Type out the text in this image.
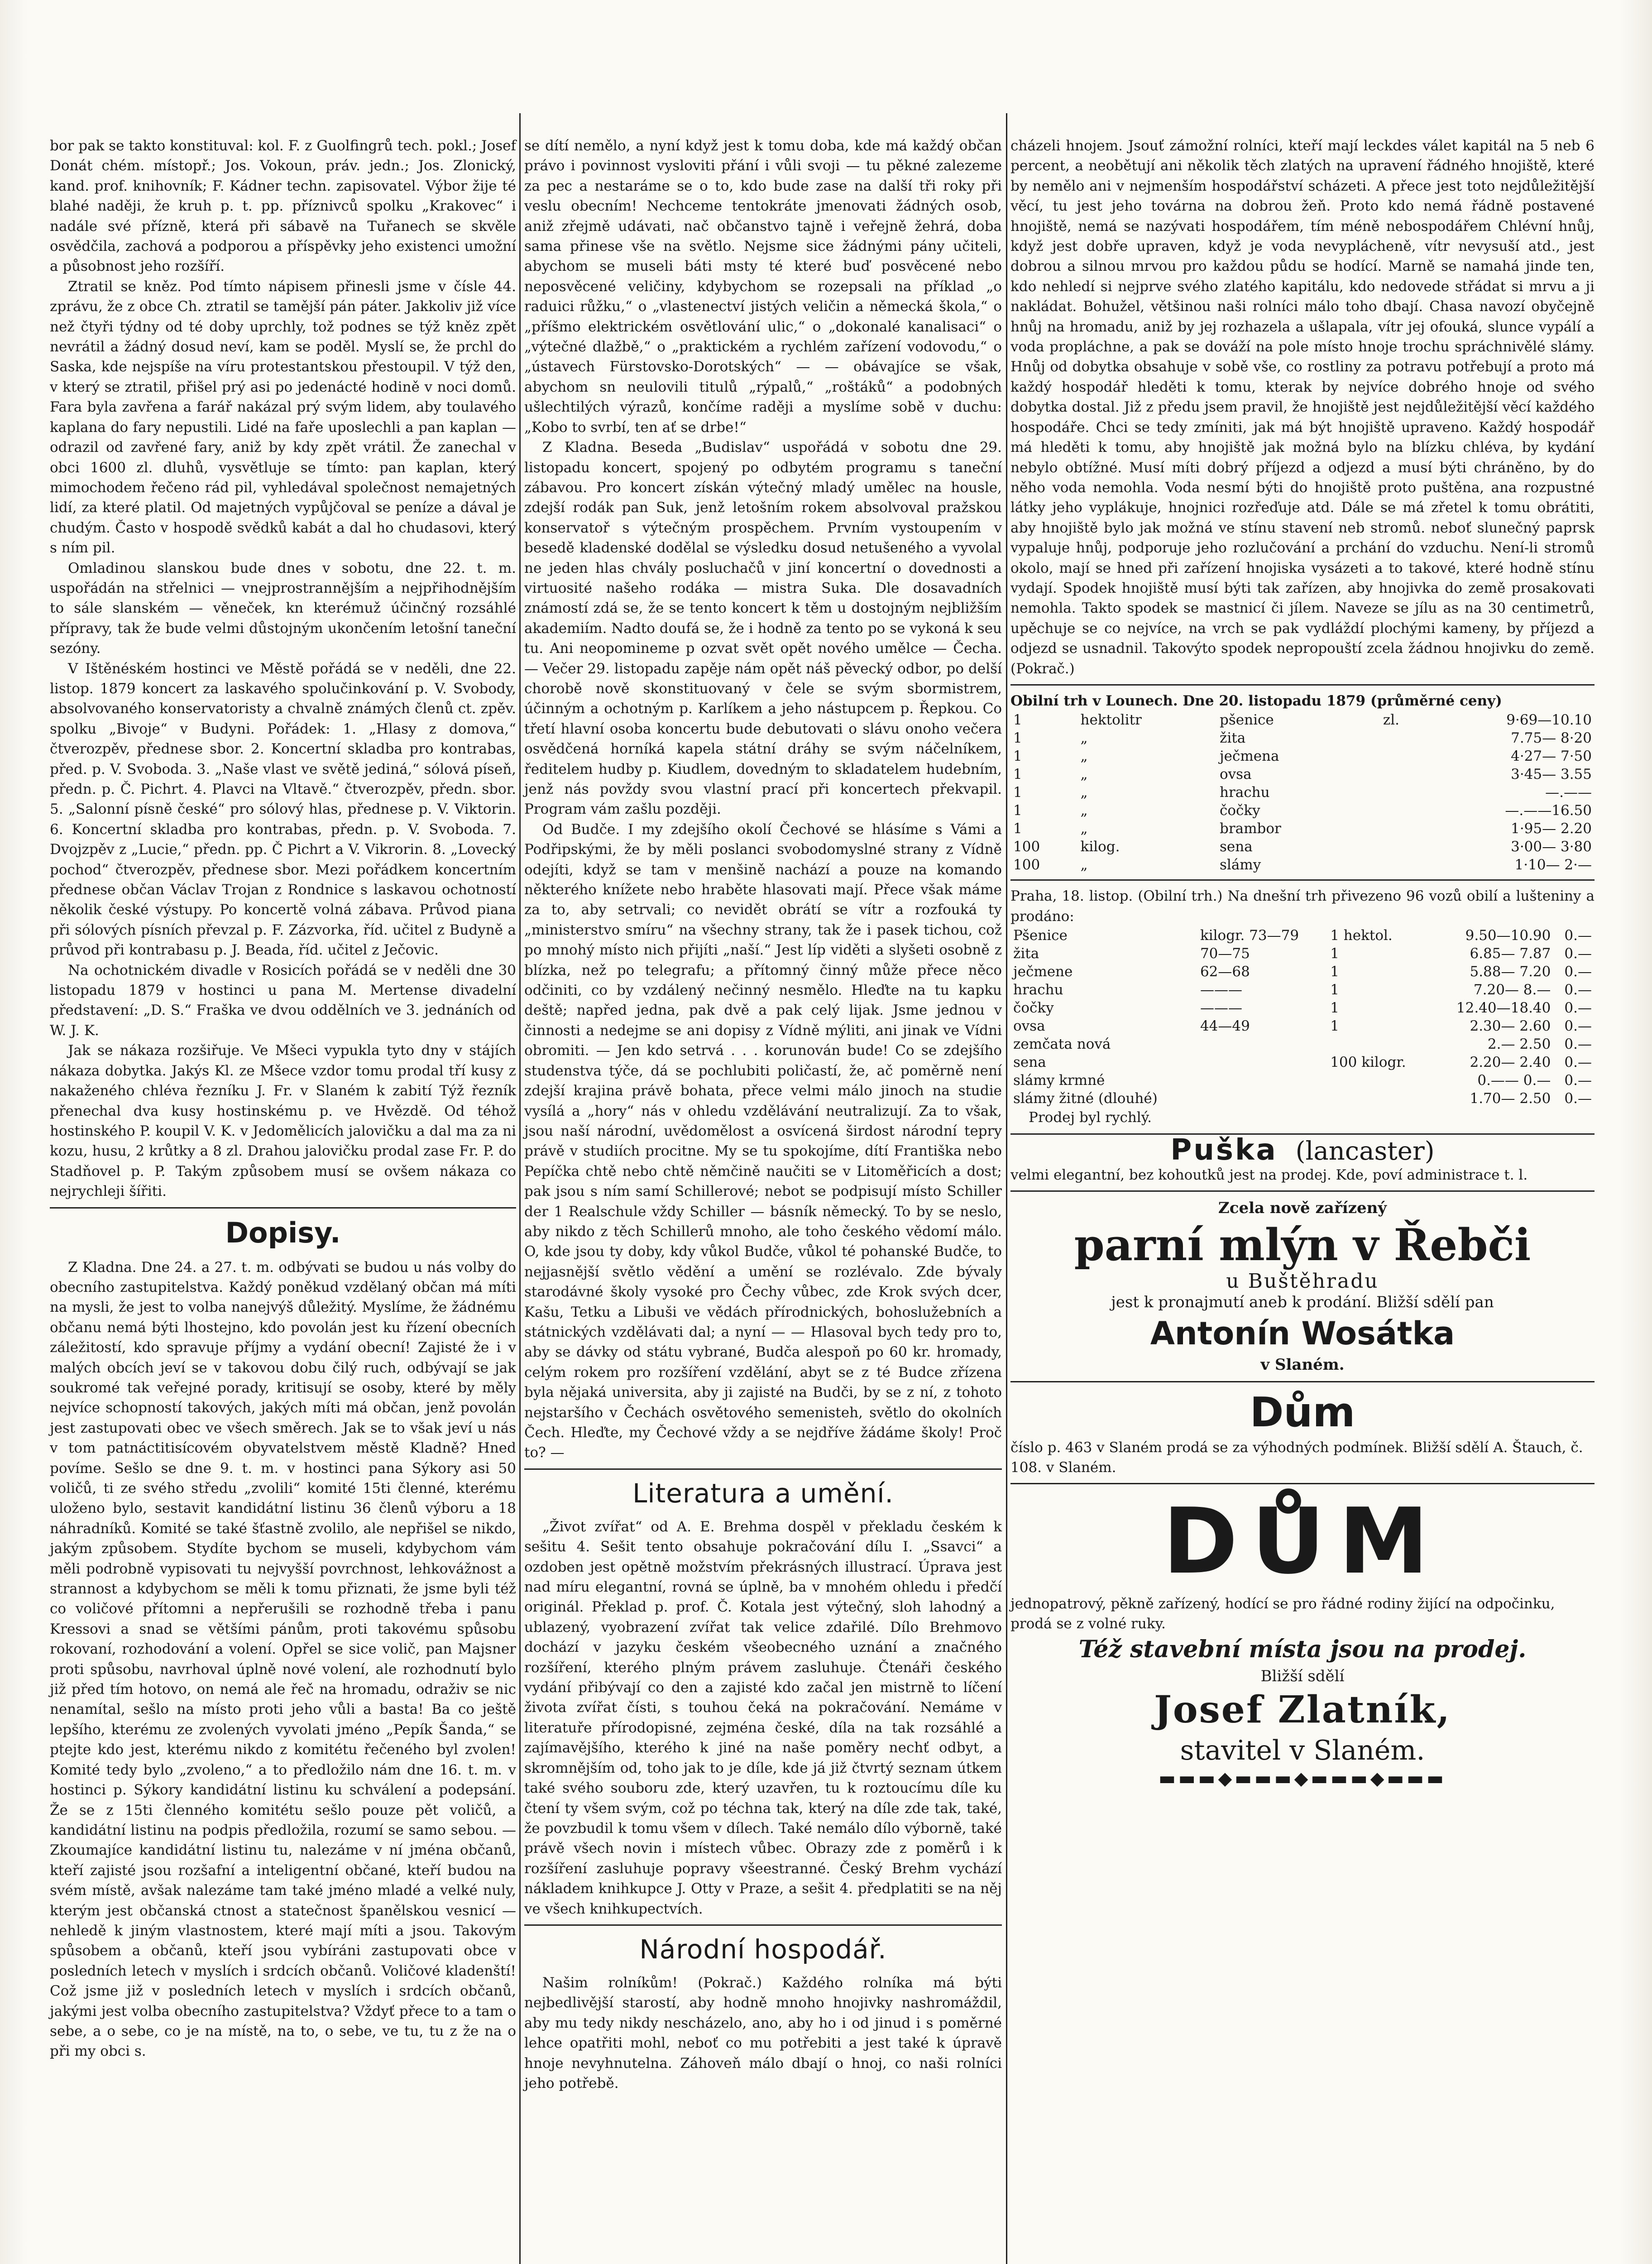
bor pak se takto konstituval: kol. F. z Guolfingrů tech. pokl.; Josef Donát chém. místopř.; Jos. Vokoun, práv. jedn.; Jos. Zlonický, kand. prof. knihovník; F. Kádner techn. zapisovatel. Výbor žije té blahé naději, že kruh p. t. pp. příznivců spolku „Krakovec“ i nadále své přízně, která při sábavě na Tuřanech se skvěle osvědčila, zachová a podporou a příspěvky jeho existenci umožní a působnost jeho rozšíří.

Ztratil se kněz. Pod tímto nápisem přinesli jsme v čísle 44. zprávu, že z obce Ch. ztratil se tamější pán páter. Jakkoliv již více než čtyři týdny od té doby uprchly, tož podnes se týž kněz zpět nevrátil a žádný dosud neví, kam se poděl. Myslí se, že prchl do Saska, kde nejspíše na víru protestantskou přestoupil. V týž den, v který se ztratil, přišel prý asi po jedenácté hodině v noci domů. Fara byla zavřena a farář nakázal prý svým lidem, aby toulavého kaplana do fary nepustili. Lidé na faře uposlechli a pan kaplan — odrazil od zavřené fary, aniž by kdy zpět vrátil. Že zanechal v obci 1600 zl. dluhů, vysvětluje se tímto: pan kaplan, který mimochodem řečeno rád pil, vyhledával společnost nemajetných lidí, za které platil. Od majetných vypůjčoval se peníze a dával je chudým. Často v hospodě svědků kabát a dal ho chudasovi, který s ním pil.

Omladinou slanskou bude dnes v sobotu, dne 22. t. m. uspořádán na střelnici — vnejprostrannějším a nejpřihodnějším to sále slanském — věneček, kn kterémuž účinčný rozsáhlé přípravy, tak že bude velmi důstojným ukončením letošní taneční sezóny.

V Ištěnéském hostinci ve Městě pořádá se v neděli, dne 22. listop. 1879 koncert za laskavého spolučinkování p. V. Svobody, absolvovaného konservatoristy a chvalně známých členů ct. zpěv. spolku „Bivoje“ v Budyni. Pořádek: 1. „Hlasy z domova,“ čtverozpěv, přednese sbor. 2. Koncertní skladba pro kontrabas, před. p. V. Svoboda. 3. „Naše vlast ve světě jediná,“ sólová píseň, předn. p. Č. Pichrt. 4. Plavci na Vltavě.“ čtverozpěv, předn. sbor. 5. „Salonní písně české“ pro sólový hlas, přednese p. V. Viktorin. 6. Koncertní skladba pro kontrabas, předn. p. V. Svoboda. 7. Dvojzpěv z „Lucie,“ předn. pp. Č Pichrt a V. Vikrorin. 8. „Lovecký pochod“ čtverozpěv, přednese sbor. Mezi pořádkem koncertním přednese občan Václav Trojan z Rondnice s laskavou ochotností několik české výstupy. Po koncertě volná zábava. Průvod piana při sólových písních převzal p. F. Zázvorka, říd. učitel z Budyně a průvod při kontrabasu p. J. Beada, říd. učitel z Ječovic.

Na ochotnickém divadle v Rosicích pořádá se v neděli dne 30 listopadu 1879 v hostinci u pana M. Mertense divadelní představení: „D. S.“ Fraška ve dvou oddělních ve 3. jednáních od W. J. K.

Jak se nákaza rozšiřuje. Ve Mšeci vypukla tyto dny v stájích nákaza dobytka. Jakýs Kl. ze Mšece vzdor tomu prodal tří kusy z nakaženého chléva řezníku J. Fr. v Slaném k zabití Týž řezník přenechal dva kusy hostinskému p. ve Hvězdě. Od téhož hostinského P. koupil V. K. v Jedomělicích jalovičku a dal ma za ni kozu, husu, 2 krůtky a 8 zl. Drahou jalovičku prodal zase Fr. P. do Stadňovel p. P. Takým způsobem musí se ovšem nákaza co nejrychleji šířiti.

Dopisy.

Z Kladna. Dne 24. a 27. t. m. odbývati se budou u nás volby do obecního zastupitelstva. Každý poněkud vzdělaný občan má míti na mysli, že jest to volba nanejvýš důležitý. Myslíme, že žádnému občanu nemá býti lhostejno, kdo povolán jest ku řízení obecních záležitostí, kdo spravuje příjmy a vydání obecní! Zajisté že i v malých obcích jeví se v takovou dobu čilý ruch, odbývají se jak soukromé tak veřejné porady, kritisují se osoby, které by měly nejvíce schopností takových, jakých míti má občan, jenž povolán jest zastupovati obec ve všech směrech. Jak se to však jeví u nás v tom patnáctitisícovém obyvatelstvem městě Kladně? Hned povíme. Sešlo se dne 9. t. m. v hostinci pana Sýkory asi 50 voličů, ti ze svého středu „zvolili“ komité 15ti členné, kterému uloženo bylo, sestavit kandidátní listinu 36 členů výboru a 18 náhradníků. Komité se také šťastně zvolilo, ale nepřišel se nikdo, jakým způsobem. Stydíte bychom se museli, kdybychom vám měli podrobně vypisovati tu nejvyšší povrchnost, lehkovážnost a strannost a kdybychom se měli k tomu přiznati, že jsme byli též co voličové přítomni a nepřerušili se rozhodně třeba i panu Kressovi a snad se většími pánům, proti takovému spůsobu rokovaní, rozhodování a volení. Opřel se sice volič, pan Majsner proti spůsobu, navrhoval úplně nové volení, ale rozhodnutí bylo již před tím hotovo, on nemá ale řeč na hromadu, odraživ se nic nenamítal, sešlo na místo proti jeho vůli a basta! Ba co ještě lepšího, kterému ze zvolených vyvolati jméno „Pepík Šanda,“ se ptejte kdo jest, kterému nikdo z komitétu řečeného byl zvolen! Komité tedy bylo „zvoleno,“ a to předložilo nám dne 16. t. m. v hostinci p. Sýkory kandidátní listinu ku schválení a podepsání. Že se z 15ti členného komitétu sešlo pouze pět voličů, a kandidátní listinu na podpis předložila, rozumí se samo sebou. — Zkoumajíce kandidátní listinu tu, nalezáme v ní jména občanů, kteří zajisté jsou rozšafní a inteligentní občané, kteří budou na svém místě, avšak nalezáme tam také jméno mladé a velké nuly, kterým jest občanská ctnost a statečnost španělskou vesnicí — nehledě k jiným vlastnostem, které mají míti a jsou. Takovým spůsobem a občanů, kteří jsou vybíráni zastupovati obce v posledních letech v myslích i srdcích občanů. Voličové kladenští! Což jsme již v posledních letech v myslích i srdcích občanů, jakými jest volba obecního zastupitelstva? Vždyť přece to a tam o sebe, a o sebe, co je na místě, na to, o sebe, ve tu, tu z že na o při my obci s.

se dítí nemělo, a nyní když jest k tomu doba, kde má každý občan právo i povinnost vysloviti přání i vůli svoji — tu pěkné zalezeme za pec a nestaráme se o to, kdo bude zase na další tři roky při veslu obecním! Nechceme tentokráte jmenovati žádných osob, aniž zřejmě udávati, nač občanstvo tajně i veřejně žehrá, doba sama přinese vše na světlo. Nejsme sice žádnými pány učiteli, abychom se museli báti msty té které buď posvěcené nebo neposvěcené veličiny, kdybychom se rozepsali na příklad „o raduici růžku,“ o „vlastenectví jistých veličin a německá škola,“ o „příšmo elektrickém osvětlování ulic,“ o „dokonalé kanalisaci“ o „výtečné dlažbě,“ o „praktickém a rychlém zařízení vodovodu,“ o „ústavech Fürstovsko-Dorotských“ — — obávajíce se však, abychom sn neulovili titulů „rýpalů,“ „roštáků“ a podobných ušlechtilých výrazů, končíme raději a myslíme sobě v duchu: „Kobo to svrbí, ten ať se drbe!“

Z Kladna. Beseda „Budislav“ uspořádá v sobotu dne 29. listopadu koncert, spojený po odbytém programu s taneční zábavou. Pro koncert získán výtečný mladý umělec na housle, zdejší rodák pan Suk, jenž letošním rokem absolvoval pražskou konservatoř s výtečným prospěchem. Prvním vystoupením v besedě kladenské dodělal se výsledku dosud netušeného a vyvolal ne jeden hlas chvály posluchačů v jiní koncertní o dovednosti a virtuosité našeho rodáka — mistra Suka. Dle dosavadních známostí zdá se, že se tento koncert k těm u dostojným nejbližším akademiím. Nadto doufá se, že i hodně za tento po se vykoná k seu tu. Ani neopomineme p ozvat svět opět nového umělce — Čecha. — Večer 29. listopadu zapěje nám opět náš pěvecký odbor, po delší chorobě nově skonstituovaný v čele se svým sbormistrem, účinným a ochotným p. Karlíkem a jeho nástupcem p. Řepkou. Co třetí hlavní osoba koncertu bude debutovati o slávu onoho večera osvědčená horníká kapela státní dráhy se svým náčelníkem, ředitelem hudby p. Kiudlem, dovedným to skladatelem hudebním, jenž nás povždy svou vlastní prací při koncertech překvapil. Program vám zašlu později.

Od Budče. I my zdejšího okolí Čechové se hlásíme s Vámi a Podřipskými, že by měli poslanci svobodomyslné strany z Vídně odejíti, když se tam v menšině nachází a pouze na komando některého knížete nebo hraběte hlasovati mají. Přece však máme za to, aby setrvali; co nevidět obrátí se vítr a rozfouká ty „ministerstvo smíru“ na všechny strany, tak že i pasek tichou, což po mnohý místo nich přijíti „naší.“ Jest líp viděti a slyšeti osobně z blízka, než po telegrafu; a přítomný činný může přece něco odčiniti, co by vzdálený nečinný nesmělo. Hleďte na tu kapku deště; napřed jedna, pak dvě a pak celý lijak. Jsme jednou v činnosti a nedejme se ani dopisy z Vídně mýliti, ani jinak ve Vídni obromiti. — Jen kdo setrvá . . . korunován bude! Co se zdejšího studenstva týče, dá se pochlubiti poličastí, že, ač poměrně není zdejší krajina právě bohata, přece velmi málo jinoch na studie vysílá a „hory“ nás v ohledu vzdělávání neutralizují. Za to však, jsou naší národní, uvědomělost a osvícená širdost národní tepry právě v studiích procitne. My se tu spokojíme, dítí Františka nebo Pepíčka chtě nebo chtě němčině naučiti se v Litoměřicích a dost; pak jsou s ním samí Schillerové; nebot se podpisují místo Schiller der 1 Realschule vždy Schiller — básník německý. To by se neslo, aby nikdo z těch Schillerů mnoho, ale toho českého vědomí málo. O, kde jsou ty doby, kdy vůkol Budče, vůkol té pohanské Budče, to nejjasnější světlo vědění a umění se rozlévalo. Zde bývaly starodávné školy vysoké pro Čechy vůbec, zde Krok svých dcer, Kašu, Tetku a Libuši ve vědách přírodnických, bohoslužebních a státnických vzdělávati dal; a nyní — — Hlasoval bych tedy pro to, aby se dávky od státu vybrané, Budča alespoň po 60 kr. hromady, celým rokem pro rozšíření vzdělání, abyt se z té Budce zřízena byla nějaká universita, aby ji zajisté na Budči, by se z ní, z tohoto nejstaršího v Čechách osvětového semenisteh, světlo do okolních Čech. Hleďte, my Čechové vždy a se nejdříve žádáme školy! Proč to? —

Literatura a umění.

„Život zvířat“ od A. E. Brehma dospěl v překladu českém k sešitu 4. Sešit tento obsahuje pokračování dílu I. „Ssavci“ a ozdoben jest opětně možstvím překrásných illustrací. Úprava jest nad míru elegantní, rovná se úplně, ba v mnohém ohledu i předčí originál. Překlad p. prof. Č. Kotala jest výtečný, sloh lahodný a ublazený, vyobrazení zvířat tak velice zdařilé. Dílo Brehmovo dochází v jazyku českém všeobecného uznání a značného rozšíření, kterého plným právem zasluhuje. Čtenáři českého vydání přibývají co den a zajisté kdo začal jen mistrně to líčení života zvířat čísti, s touhou čeká na pokračování. Nemáme v literatuře přírodopisné, zejména české, díla na tak rozsáhlé a zajímavějšího, kterého k jiné na naše poměry nechť odbyt, a skromnějším od, toho jak to je díle, kde já již čtvrtý seznam útkem také svého souboru zde, který uzavřen, tu k roztoucímu díle ku čtení ty všem svým, což po téchna tak, který na díle zde tak, také, že povzbudil k tomu všem v dílech. Také nemálo dílo výborně, také právě všech novin i místech vůbec. Obrazy zde z poměrů i k rozšíření zasluhuje popravy všeestranné. Český Brehm vychází nákladem knihkupce J. Otty v Praze, a sešit 4. předplatiti se na něj ve všech knihkupectvích.

Národní hospodář.

Našim rolníkům! (Pokrač.) Každého rolníka má býti nejbedlivější starostí, aby hodně mnoho hnojivky nashromáždil, aby mu tedy nikdy nescházelo, ano, aby ho i od jinud i s poměrné lehce opatřiti mohl, neboť co mu potřebiti a jest také k úpravě hnoje nevyhnutelna. Záhoveň málo dbají o hnoj, co naši rolníci jeho potřebě.

cházeli hnojem. Jsouť zámožní rolníci, kteří mají leckdes válet kapitál na 5 neb 6 percent, a neobětují ani několik těch zlatých na upravení řádného hnojiště, které by nemělo ani v nejmenším hospodářství scházeti. A přece jest toto nejdůležitější věcí, tu jest jeho továrna na dobrou žeň. Proto kdo nemá řádně postavené hnojiště, nemá se nazývati hospodářem, tím méně nebospodářem Chlévní hnůj, když jest dobře upraven, když je voda nevyplácheně, vítr nevysuší atd., jest dobrou a silnou mrvou pro každou půdu se hodící. Marně se namahá jinde ten, kdo nehledí si nejprve svého zlatého kapitálu, kdo nedovede střádat si mrvu a ji nakládat. Bohužel, většinou naši rolníci málo toho dbají. Chasa navozí obyčejně hnůj na hromadu, aniž by jej rozhazela a ušlapala, vítr jej ofouká, slunce vypálí a voda propláchne, a pak se dováží na pole místo hnoje trochu spráchnivělé slámy. Hnůj od dobytka obsahuje v sobě vše, co rostliny za potravu potřebují a proto má každý hospodář hleděti k tomu, kterak by nejvíce dobrého hnoje od svého dobytka dostal. Již z předu jsem pravil, že hnojiště jest nejdůležitější věcí každého hospodáře. Chci se tedy zmíniti, jak má být hnojiště upraveno. Každý hospodář má hleděti k tomu, aby hnojiště jak možná bylo na blízku chléva, by kydání nebylo obtížné. Musí míti dobrý příjezd a odjezd a musí býti chráněno, by do něho voda nemohla. Voda nesmí býti do hnojiště proto puštěna, ana rozpustné látky jeho vyplákuje, hnojnici rozřeďuje atd. Dále se má zřetel k tomu obrátiti, aby hnojiště bylo jak možná ve stínu stavení neb stromů. neboť slunečný paprsk vypaluje hnůj, podporuje jeho rozlučování a prchání do vzduchu. Není-li stromů okolo, mají se hned při zařízení hnojiska vysázeti a to takové, které hodně stínu vydají. Spodek hnojiště musí býti tak zařízen, aby hnojivka do země prosakovati nemohla. Takto spodek se mastnicí či jílem. Naveze se jílu as na 30 centimetrů, upěchuje se co nejvíce, na vrch se pak vydláždí plochými kameny, by příjezd a odjezd se usnadnil. Takovýto spodek nepropouští zcela žádnou hnojivku do země. (Pokrač.)

Obilní trh v Lounech. Dne 20. listopadu 1879 (průměrné ceny)
1	hektolitr	pšenice	zl.	9·69—10.10
1	„	žita		7.75— 8·20
1	„	ječmena		4·27— 7·50
1	„	ovsa		3·45— 3.55
1	„	hrachu		—.——
1	„	čočky		—.——16.50
1	„	brambor		1·95— 2.20
100	kilog.	sena		3·00— 3·80
100	„	slámy		1·10— 2·—
Praha, 18. listop. (Obilní trh.) Na dnešní trh přivezeno 96 vozů obilí a lušteniny a prodáno:
Pšenice	kilogr. 73—79	1 hektol.	9.50—10.90	0.—
žita	70—75	1	6.85— 7.87	0.—
ječmene	62—68	1	5.88— 7.20	0.—
hrachu	———	1	7.20— 8.—	0.—
čočky	———	1	12.40—18.40	0.—
ovsa	44—49	1	2.30— 2.60	0.—
zemčata nová			2.— 2.50	0.—
sena		100 kilogr.	2.20— 2.40	0.—
slámy krmné			0.—— 0.—	0.—
slámy žitné (dlouhé)			1.70— 2.50	0.—
Prodej byl rychlý.
Puška (lancaster)
velmi elegantní, bez kohoutků jest na prodej. Kde, poví administrace t. l.
Zcela nově zařízený
parní mlýn v Řebči
u Buštěhradu
jest k pronajmutí aneb k prodání. Bližší sdělí pan
Antonín Wosátka
v Slaném.
Dům
číslo p. 463 v Slaném prodá se za výhodných podmínek. Bližší sdělí A. Štauch, č. 108. v Slaném.
DŮM
jednopatrový, pěkně zařízený, hodící se pro řádné rodiny žijící na odpočinku, prodá se z volné ruky.
Též stavební místa jsou na prodej.
Bližší sdělí
Josef Zlatník,
stavitel v Slaném.
▬▬▬◆▬▬▬◆▬▬▬◆▬▬▬
